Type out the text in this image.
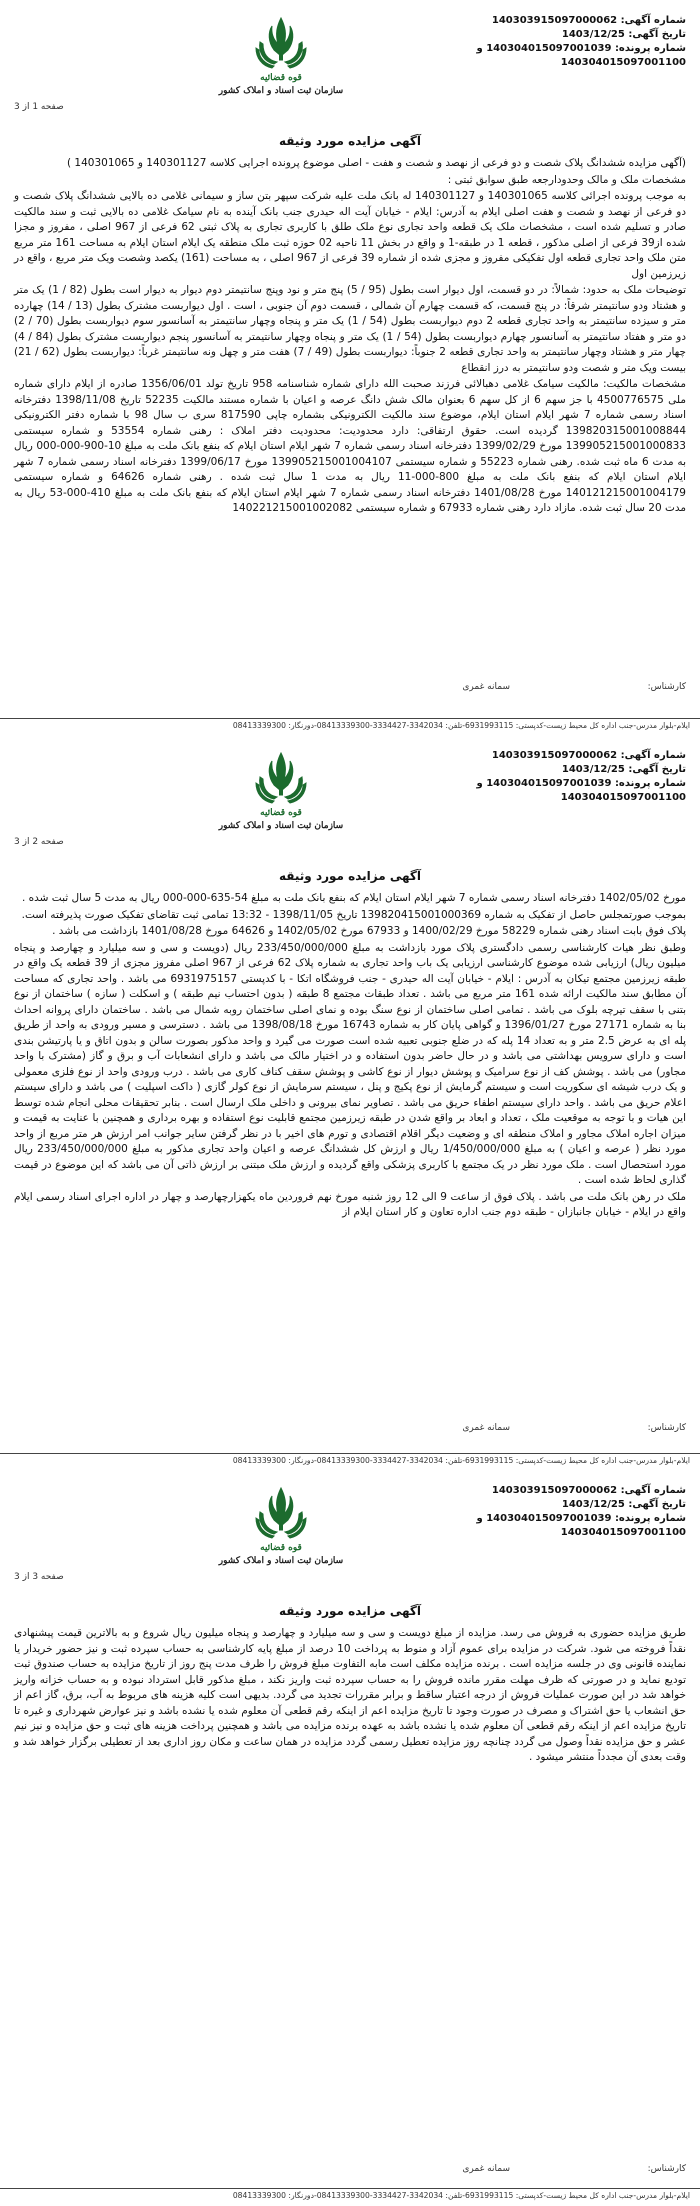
شماره آگهی: 140303915097000062
تاریخ آگهی: 1403/12/25
شماره پرونده: 140304015097001039 و
140304015097001100
قوه قضائیه
سازمان ثبت اسناد و املاک کشور
صفحه 1 از 3
آگهی مزایده مورد وثیقه

(آگهی مزایده ششدانگ پلاک شصت و دو فرعی از نهصد و شصت و هفت - اصلی موضوع پرونده اجرایی کلاسه 140301127 و 140301065 )

مشخصات ملک و مالک وحدودارجعه طبق سوابق ثبتی :

به موجب پرونده اجرائی کلاسه 140301065 و 140301127 له بانک ملت علیه شرکت سپهر بتن ساز و سیمانی غلامی ده بالایی ششدانگ پلاک شصت و دو فرعی از نهصد و شصت و هفت اصلی ایلام به آدرس: ایلام - خیابان آیت اله حیدری جنب بانک آینده به نام سیامک غلامی ده بالایی ثبت و سند مالکیت صادر و تسلیم شده است ، مشخصات ملک یک قطعه واحد تجاری نوع ملک طلق با کاربری تجاری به پلاک ثبتی 62 فرعی از 967 اصلی ، مفروز و مجزا شده از39 فرعی از اصلی مذکور ، قطعه 1 در طبقه-1 و واقع در بخش 11 ناحیه 02 حوزه ثبت ملک منطقه یک ایلام استان ایلام به مساحت 161 متر مربع متن ملک واحد تجاری قطعه اول تفکیکی مفروز و مجزی شده از شماره 39 فرعی از 967 اصلی ، به مساحت (161) یکصد وشصت ویک متر مربع ، واقع در زیرزمین اول

توضیحات ملک به حدود: شمالاً: در دو قسمت، اول دیوار است بطول (95 / 5) پنج متر و نود وپنج سانتیمتر دوم دیوار به دیوار است بطول (82 / 1) یک متر و هشتاد ودو سانتیمتر شرقاً: در پنج قسمت، که قسمت چهارم آن شمالی ، قسمت دوم آن جنوبی ، است . اول دیواربست مشترک بطول (13 / 14) چهارده متر و سیزده سانتیمتر به واحد تجاری قطعه 2 دوم دیواربست بطول (54 / 1) یک متر و پنجاه وچهار سانتیمتر به آسانسور سوم دیواربست بطول (70 / 2) دو متر و هفتاد سانتیمتر به آسانسور چهارم دیواربست بطول (54 / 1) یک متر و پنجاه وچهار سانتیمتر به آسانسور پنجم دیواربست مشترک بطول (84 / 4) چهار متر و هشتاد وچهار سانتیمتر به واحد تجاری قطعه 2 جنوباً: دیواربست بطول (49 / 7) هفت متر و چهل ونه سانتیمتر غرباً: دیواربست بطول (62 / 21) بیست ویک متر و شصت ودو سانتیمتر به درز انقطاع

مشخصات مالکیت: مالکیت سیامک غلامی دهبالائی فرزند صحبت الله دارای شماره شناسنامه 958 تاریخ تولد 1356/06/01 صادره از ایلام دارای شماره ملی 4500776575 با جز سهم 6 از کل سهم 6 بعنوان مالک شش دانگ عرصه و اعیان با شماره مستند مالکیت 52235 تاریخ 1398/11/08 دفترخانه اسناد رسمی شماره 7 شهر ایلام استان ایلام، موضوع سند مالکیت الکترونیکی بشماره چاپی 817590 سری ب سال 98 با شماره دفتر الکترونیکی 139820315001008844 گردیده است. حقوق ارتفاقی: دارد محدودیت: محدودیت دفتر املاک : رهنی شماره 53554 و شماره سیستمی 139905215001000833 مورخ 1399/02/29 دفترخانه اسناد رسمی شماره 7 شهر ایلام استان ایلام که بنفع بانک ملت به مبلغ 10-900-000-000 ریال به مدت 6 ماه ثبت شده. رهنی شماره 55223 و شماره سیستمی 139905215001004107 مورخ 1399/06/17 دفترخانه اسناد رسمی شماره 7 شهر ایلام استان ایلام که بنفع بانک ملت به مبلغ 800-000-11 ریال به مدت 1 سال ثبت شده . رهنی شماره 64626 و شماره سیستمی 140121215001004179 مورخ 1401/08/28 دفترخانه اسناد رسمی شماره 7 شهر ایلام استان ایلام که بنفع بانک ملت به مبلغ 410-000-53 ریال به مدت 20 سال ثبت شده. مازاد دارد رهنی شماره 67933 و شماره سیستمی 140221215001002082

کارشناس:
سمانه غمری
ایلام-بلوار مدرس-جنب اداره کل محیط زیست-کدپستی: 6931993115-تلفن: 3342034-3334427-08413339300-دورنگار: 08413339300
شماره آگهی: 140303915097000062
تاریخ آگهی: 1403/12/25
شماره پرونده: 140304015097001039 و
140304015097001100
قوه قضائیه
سازمان ثبت اسناد و املاک کشور
صفحه 2 از 3
آگهی مزایده مورد وثیقه

مورخ 1402/05/02 دفترخانه اسناد رسمی شماره 7 شهر ایلام استان ایلام که بنفع بانک ملت به مبلغ 54-635-000-000 ریال به مدت 5 سال ثبت شده .

بموجب صورتمجلس حاصل از تفکیک به شماره 139820415001000369 تاریخ 1398/11/05 - 13:32 تمامی ثبت تقاضای تفکیک صورت پذیرفته است.

پلاک فوق بابت اسناد رهنی شماره 58229 مورخ 1400/02/29 و 67933 مورخ 1402/05/02 و 64626 مورخ 1401/08/28 بازداشت می باشد .

وطبق نظر هیات کارشناسی رسمی دادگستری پلاک مورد بازداشت به مبلغ 233/450/000/000 ریال (دویست و سی و سه میلیارد و چهارصد و پنجاه میلیون ریال) ارزیابی شده موضوع کارشناسی ارزیابی یک باب واحد تجاری به شماره پلاک 62 فرعی از 967 اصلی مفروز مجزی از 39 قطعه یک واقع در طبقه زیرزمین مجتمع تیکان به آدرس : ایلام - خیابان آیت اله حیدری - جنب فروشگاه اتکا - با کدپستی 6931975157 می باشد . واحد تجاری که مساحت آن مطابق سند مالکیت ارائه شده 161 متر مربع می باشد . تعداد طبقات مجتمع 8 طبقه ( بدون احتساب نیم طبقه ) و اسکلت ( سازه ) ساختمان از نوع بتنی با سقف تیرچه بلوک می باشد . تمامی اصلی ساختمان از نوع سنگ بوده و نمای اصلی ساختمان روبه شمال می باشد . ساختمان دارای پروانه احداث بنا به شماره 27171 مورخ 1396/01/27 و گواهی پایان کار به شماره 16743 مورخ 1398/08/18 می باشد . دسترسی و مسیر ورودی به واحد از طریق پله ای به عرض 2.5 متر و به تعداد 14 پله که در ضلع جنوبی تعبیه شده است صورت می گیرد و واحد مذکور بصورت سالن و بدون اتاق و یا پارتیشن بندی است و دارای سرویس بهداشتی می باشد و در حال حاضر بدون استفاده و در اختیار مالک می باشد و دارای انشعابات آب و برق و گاز (مشترک با واحد مجاور) می باشد . پوشش کف از نوع سرامیک و پوشش دیوار از نوع کاشی و پوشش سقف کناف کاری می باشد . درب ورودی واحد از نوع فلزی معمولی و یک درب شیشه ای سکوریت است و سیستم گرمایش از نوع پکیج و پنل ، سیستم سرمایش از نوع کولر گازی ( داکت اسپلیت ) می باشد و دارای سیستم اعلام حریق می باشد . واحد دارای سیستم اطفاء حریق می باشد . تصاویر نمای بیرونی و داخلی ملک ارسال است . بنابر تحقیقات محلی انجام شده توسط این هیات و با توجه به موقعیت ملک ، تعداد و ابعاد بر واقع شدن در طبقه زیرزمین مجتمع قابلیت نوع استفاده و بهره برداری و همچنین با عنایت به قیمت و میزان اجاره املاک مجاور و املاک منطقه ای و وضعیت دیگر اقلام اقتصادی و تورم های اخیر با در نظر گرفتن سایر جوانب امر ارزش هر متر مربع از واحد مورد نظر ( عرصه و اعیان ) به مبلغ 1/450/000/000 ریال و ارزش کل ششدانگ عرصه و اعیان واحد تجاری مذکور به مبلغ 233/450/000/000 ریال مورد استحصال است . ملک مورد نظر در یک مجتمع با کاربری پزشکی واقع گردیده و ارزش ملک مبتنی بر ارزش ذاتی آن می باشد که این موضوع در قیمت گذاری لحاظ شده است .

ملک در رهن بانک ملت می باشد . پلاک فوق از ساعت 9 الی 12 روز شنبه مورخ نهم فروردین ماه یکهزارچهارصد و چهار در اداره اجرای اسناد رسمی ایلام واقع در ایلام - خیابان جانبازان - طبقه دوم جنب اداره تعاون و کار استان ایلام از

کارشناس:
سمانه غمری
ایلام-بلوار مدرس-جنب اداره کل محیط زیست-کدپستی: 6931993115-تلفن: 3342034-3334427-08413339300-دورنگار: 08413339300
شماره آگهی: 140303915097000062
تاریخ آگهی: 1403/12/25
شماره پرونده: 140304015097001039 و
140304015097001100
قوه قضائیه
سازمان ثبت اسناد و املاک کشور
صفحه 3 از 3
آگهی مزایده مورد وثیقه

طریق مزایده حضوری به فروش می رسد. مزایده از مبلغ دویست و سی و سه میلیارد و چهارصد و پنجاه میلیون ریال شروع و به بالاترین قیمت پیشنهادی نقداً فروخته می شود. شرکت در مزایده برای عموم آزاد و منوط به پرداخت 10 درصد از مبلغ پایه کارشناسی به حساب سپرده ثبت و نیز حضور خریدار یا نماینده قانونی وی در جلسه مزایده است . برنده مزایده مکلف است مابه التفاوت مبلغ فروش را ظرف مدت پنج روز از تاریخ مزایده به حساب صندوق ثبت تودیع نماید و در صورتی که ظرف مهلت مقرر مانده فروش را به حساب سپرده ثبت واریز نکند ، مبلغ مذکور قابل استرداد نبوده و به حساب خزانه واریز خواهد شد در این صورت عملیات فروش از درجه اعتبار ساقط و برابر مقررات تجدید می گردد. بدیهی است کلیه هزینه های مربوط به آب، برق، گاز اعم از حق انشعاب یا حق اشتراک و مصرف در صورت وجود تا تاریخ مزایده اعم از اینکه رقم قطعی آن معلوم شده یا نشده باشد و نیز عوارض شهرداری و غیره تا تاریخ مزایده اعم از اینکه رقم قطعی آن معلوم شده یا نشده باشد به عهده برنده مزایده می باشد و همچنین پرداخت هزینه های ثبت و حق مزایده و نیز نیم عشر و حق مزایده نقداً وصول می گردد چنانچه روز مزایده تعطیل رسمی گردد مزایده در همان ساعت و مکان روز اداری بعد از تعطیلی برگزار خواهد شد و وقت بعدی آن مجدداً منتشر میشود .

کارشناس:
سمانه غمری
ایلام-بلوار مدرس-جنب اداره کل محیط زیست-کدپستی: 6931993115-تلفن: 3342034-3334427-08413339300-دورنگار: 08413339300
